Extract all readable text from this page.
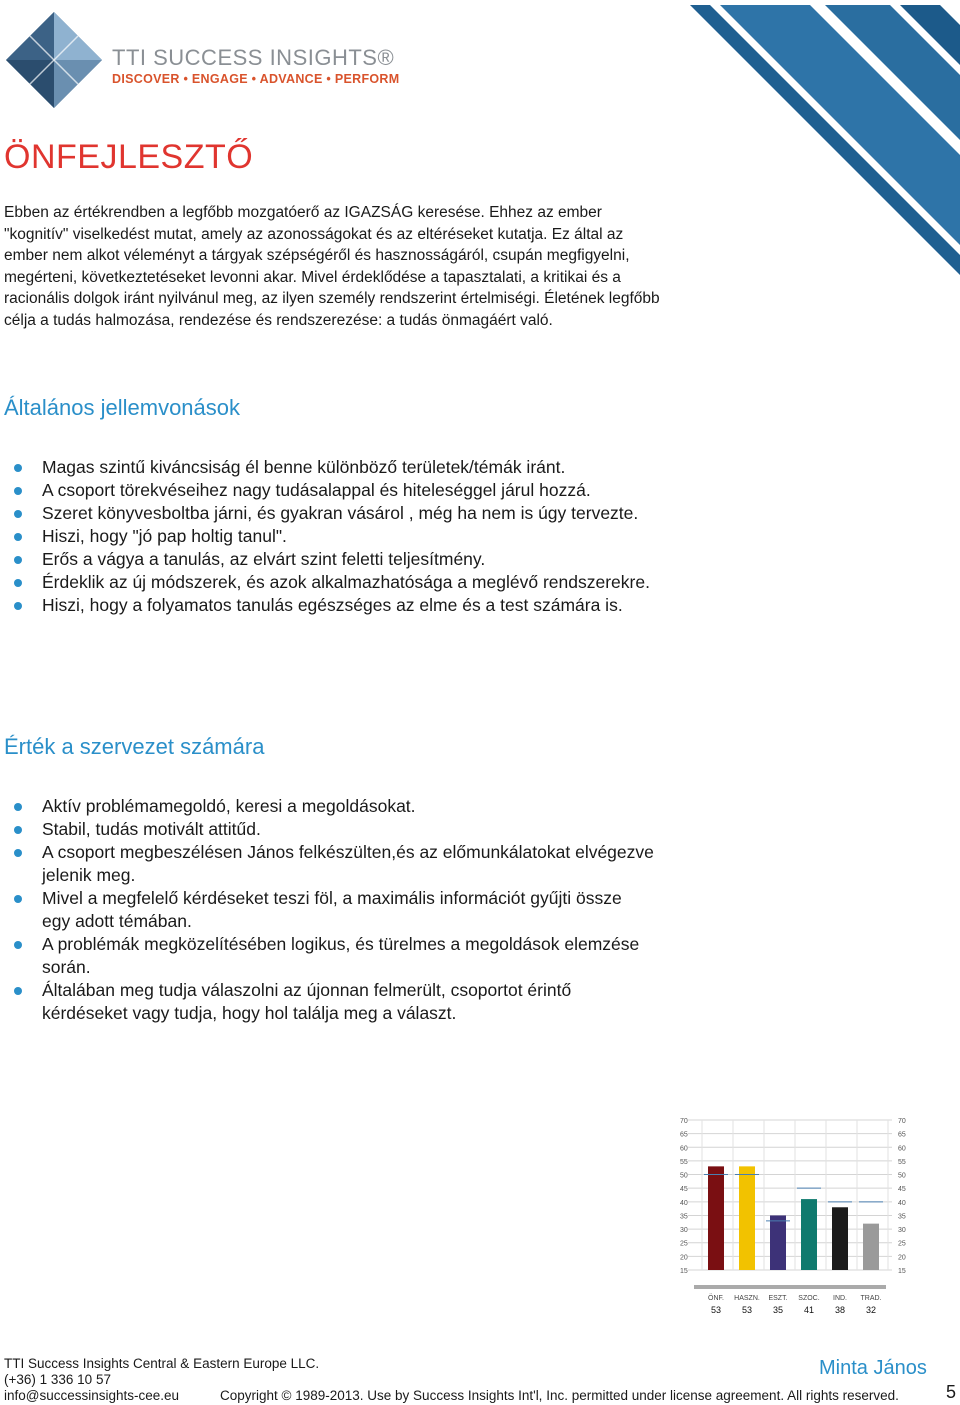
TTI SUCCESS INSIGHTS®
DISCOVER • ENGAGE • ADVANCE • PERFORM
ÖNFEJLESZTŐ

Ebben az értékrendben a legfőbb mozgatóerő az IGAZSÁG keresése. Ehhez az ember "kognitív" viselkedést mutat, amely az azonosságokat és az eltéréseket kutatja. Ez által az ember nem alkot véleményt a tárgyak szépségéről és hasznosságáról, csupán megfigyelni, megérteni, következtetéseket levonni akar. Mivel érdeklődése a tapasztalati, a kritikai és a racionális dolgok iránt nyilvánul meg, az ilyen személy rendszerint értelmiségi. Életének legfőbb célja a tudás halmozása, rendezése és rendszerezése: a tudás önmagáért való.

Általános jellemvonások
Magas szintű kiváncsiság él benne különböző területek/témák iránt.
A csoport törekvéseihez nagy tudásalappal és hiteleséggel járul hozzá.
Szeret könyvesboltba járni, és gyakran vásárol , még ha nem is úgy tervezte.
Hiszi, hogy "jó pap holtig tanul".
Erős a vágya a tanulás, az elvárt szint feletti teljesítmény.
Érdeklik az új módszerek, és azok alkalmazhatósága a meglévő rendszerekre.
Hiszi, hogy a folyamatos tanulás egészséges az elme és a test számára is.
Érték a szervezet számára
Aktív problémamegoldó, keresi a megoldásokat.
Stabil, tudás motivált attitűd.
A csoport megbeszélésen János felkészülten,és az előmunkálatokat elvégezve jelenik meg.
Mivel a megfelelő kérdéseket teszi föl, a maximális információt gyűjti össze egy adott témában.
A problémák megközelítésében logikus, és türelmes a megoldások elemzése során.
Általában meg tudja válaszolni az újonnan felmerült, csoportot érintő kérdéseket vagy tudja, hogy hol találja meg a választ.
70	70
65	65
60	60
55	55
50	50
45	45
40	40
35	35
30	30
25	25
20	20
15	15
ÖNF.
53
HASZN.
53
ESZT.
35
SZOC.
41
IND.
38
TRAD.
32
TTI Success Insights Central & Eastern Europe LLC.
(+36) 1 336 10 57
info@successinsights-cee.eu
Minta János
Copyright © 1989-2013. Use by Success Insights Int'l, Inc. permitted under license agreement. All rights reserved.	5
